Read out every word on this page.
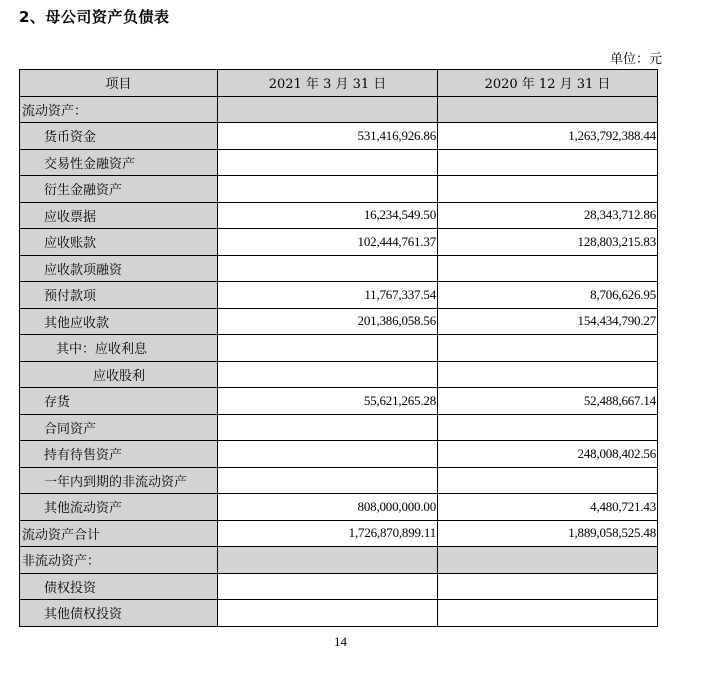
2、母公司资产负债表
单位：元
项目	2021 年 3 月 31 日	2020 年 12 月 31 日
流动资产：		
货币资金	531,416,926.86	1,263,792,388.44
交易性金融资产		
衍生金融资产		
应收票据	16,234,549.50	28,343,712.86
应收账款	102,444,761.37	128,803,215.83
应收款项融资		
预付款项	11,767,337.54	8,706,626.95
其他应收款	201,386,058.56	154,434,790.27
其中：应收利息		
应收股利		
存货	55,621,265.28	52,488,667.14
合同资产		
持有待售资产		248,008,402.56
一年内到期的非流动资产		
其他流动资产	808,000,000.00	4,480,721.43
流动资产合计	1,726,870,899.11	1,889,058,525.48
非流动资产：		
债权投资		
其他债权投资		
14
